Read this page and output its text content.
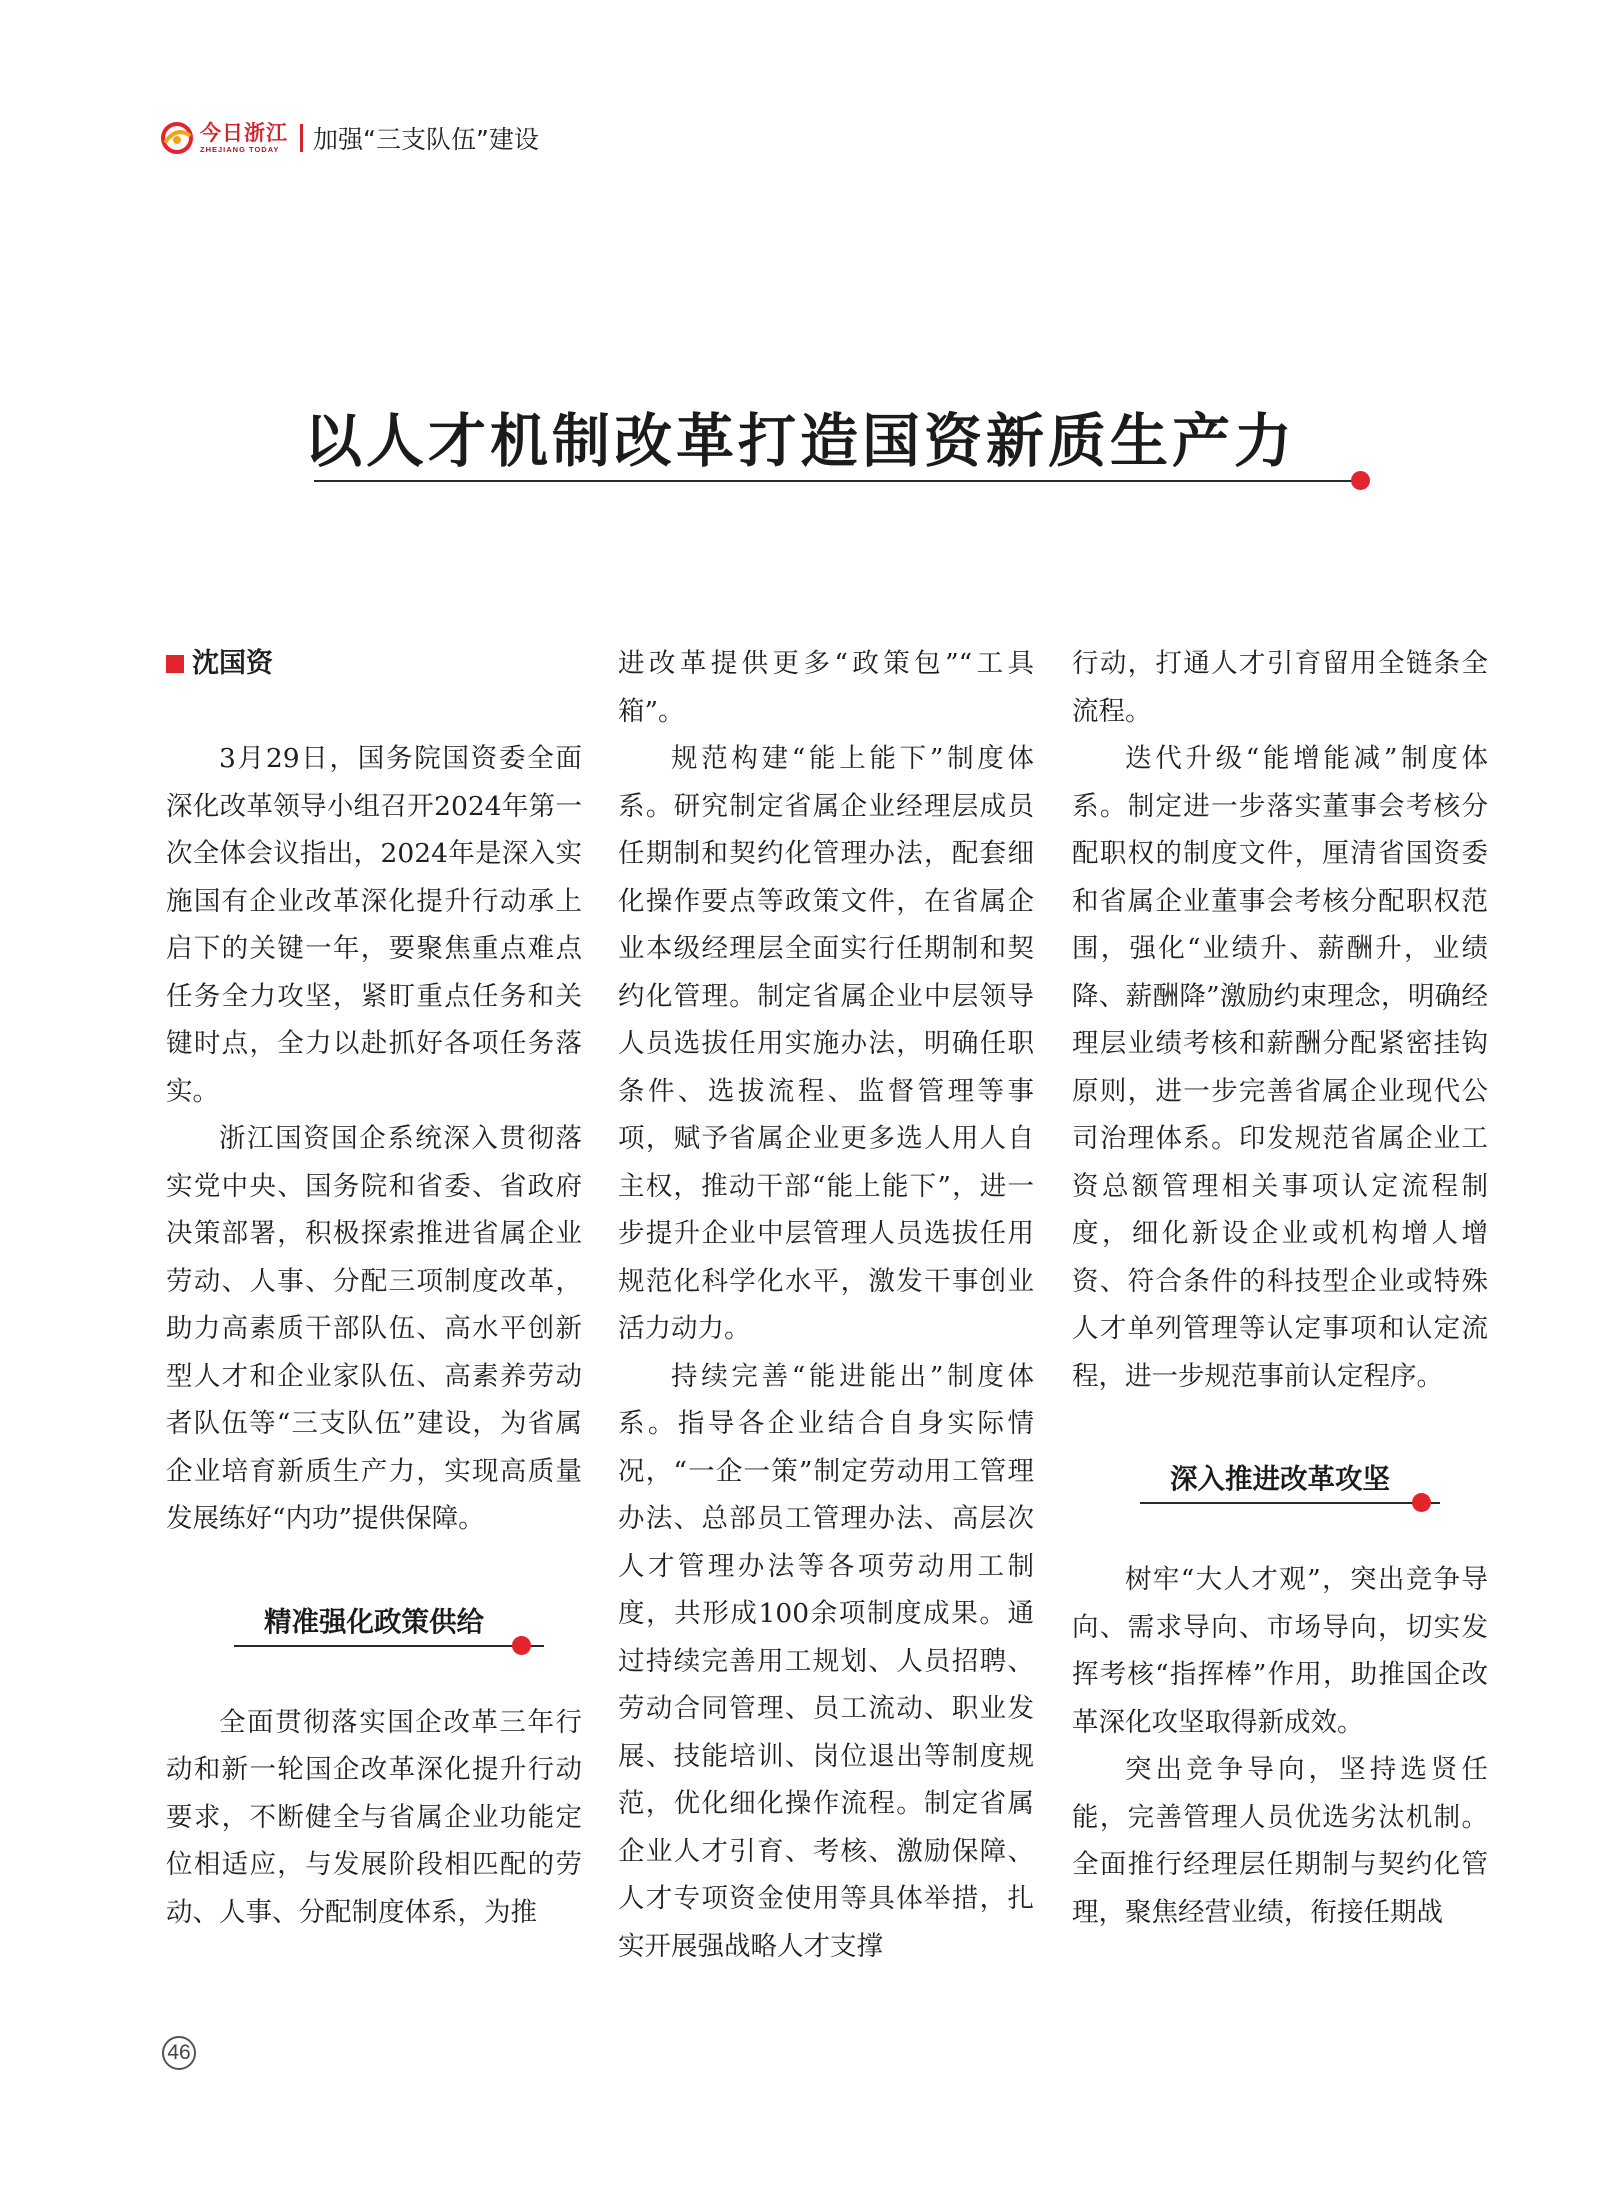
今日浙江
ZHEJIANG TODAY	加强“三支队伍”建设
以人才机制改革打造国资新质生产力
沈国资

3月29日，国务院国资委全面深化改革领导小组召开2024年第一次全体会议指出，2024年是深入实施国有企业改革深化提升行动承上启下的关键一年，要聚焦重点难点任务全力攻坚，紧盯重点任务和关键时点，全力以赴抓好各项任务落实。

浙江国资国企系统深入贯彻落实党中央、国务院和省委、省政府决策部署，积极探索推进省属企业劳动、人事、分配三项制度改革，助力高素质干部队伍、高水平创新型人才和企业家队伍、高素养劳动者队伍等“三支队伍”建设，为省属企业培育新质生产力，实现高质量发展练好“内功”提供保障。

精准强化政策供给

全面贯彻落实国企改革三年行动和新一轮国企改革深化提升行动要求，不断健全与省属企业功能定位相适应，与发展阶段相匹配的劳动、人事、分配制度体系，为推

进改革提供更多“政策包”“工具箱”。

规范构建“能上能下”制度体系。研究制定省属企业经理层成员任期制和契约化管理办法，配套细化操作要点等政策文件，在省属企业本级经理层全面实行任期制和契约化管理。制定省属企业中层领导人员选拔任用实施办法，明确任职条件、选拔流程、监督管理等事项，赋予省属企业更多选人用人自主权，推动干部“能上能下”，进一步提升企业中层管理人员选拔任用规范化科学化水平，激发干事创业活力动力。

持续完善“能进能出”制度体系。指导各企业结合自身实际情况，“一企一策”制定劳动用工管理办法、总部员工管理办法、高层次人才管理办法等各项劳动用工制度，共形成100余项制度成果。通过持续完善用工规划、人员招聘、劳动合同管理、员工流动、职业发展、技能培训、岗位退出等制度规范，优化细化操作流程。制定省属企业人才引育、考核、激励保障、人才专项资金使用等具体举措，扎实开展强战略人才支撑

行动，打通人才引育留用全链条全流程。

迭代升级“能增能减”制度体系。制定进一步落实董事会考核分配职权的制度文件，厘清省国资委和省属企业董事会考核分配职权范围，强化“业绩升、薪酬升，业绩降、薪酬降”激励约束理念，明确经理层业绩考核和薪酬分配紧密挂钩原则，进一步完善省属企业现代公司治理体系。印发规范省属企业工资总额管理相关事项认定流程制度，细化新设企业或机构增人增资、符合条件的科技型企业或特殊人才单列管理等认定事项和认定流程，进一步规范事前认定程序。

深入推进改革攻坚

树牢“大人才观”，突出竞争导向、需求导向、市场导向，切实发挥考核“指挥棒”作用，助推国企改革深化攻坚取得新成效。

突出竞争导向，坚持选贤任能，完善管理人员优选劣汰机制。全面推行经理层任期制与契约化管理，聚焦经营业绩，衔接任期战

46
